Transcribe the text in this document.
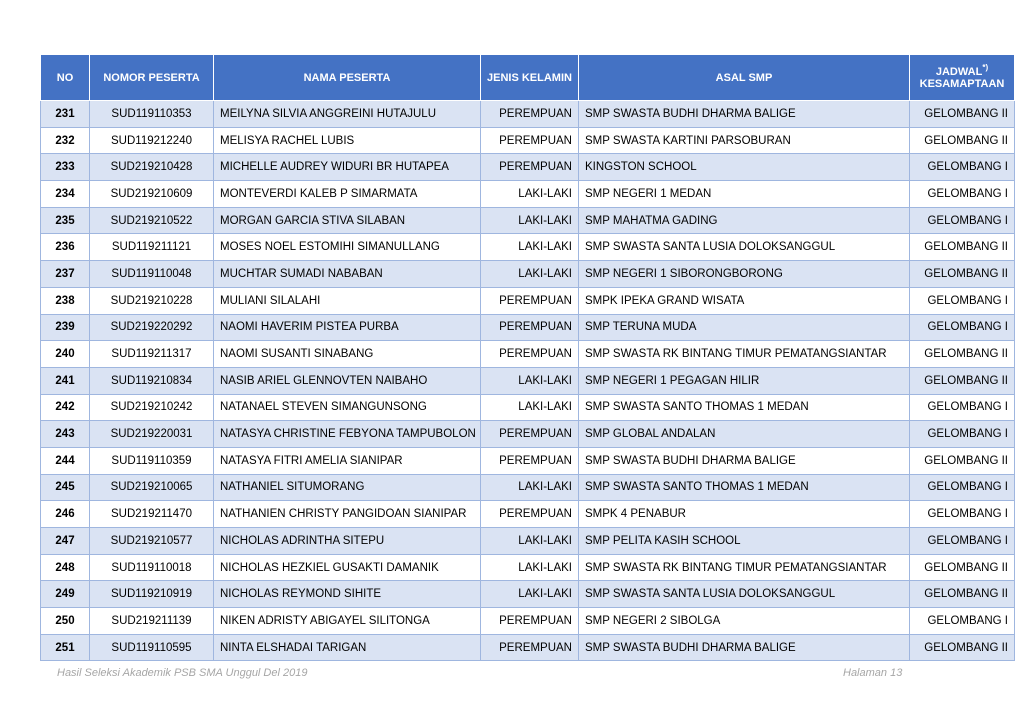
NO	NOMOR PESERTA	NAMA PESERTA	JENIS KELAMIN	ASAL SMP	JADWAL*)
KESAMAPTAAN
231	SUD119110353	MEILYNA SILVIA ANGGREINI HUTAJULU	PEREMPUAN	SMP SWASTA BUDHI DHARMA BALIGE	GELOMBANG II
232	SUD119212240	MELISYA RACHEL LUBIS	PEREMPUAN	SMP SWASTA KARTINI PARSOBURAN	GELOMBANG II
233	SUD219210428	MICHELLE AUDREY WIDURI BR HUTAPEA	PEREMPUAN	KINGSTON SCHOOL	GELOMBANG I
234	SUD219210609	MONTEVERDI KALEB P SIMARMATA	LAKI-LAKI	SMP NEGERI 1 MEDAN	GELOMBANG I
235	SUD219210522	MORGAN GARCIA STIVA SILABAN	LAKI-LAKI	SMP MAHATMA GADING	GELOMBANG I
236	SUD119211121	MOSES NOEL ESTOMIHI SIMANULLANG	LAKI-LAKI	SMP SWASTA SANTA LUSIA DOLOKSANGGUL	GELOMBANG II
237	SUD119110048	MUCHTAR SUMADI NABABAN	LAKI-LAKI	SMP NEGERI 1 SIBORONGBORONG	GELOMBANG II
238	SUD219210228	MULIANI SILALAHI	PEREMPUAN	SMPK IPEKA GRAND WISATA	GELOMBANG I
239	SUD219220292	NAOMI HAVERIM PISTEA PURBA	PEREMPUAN	SMP TERUNA MUDA	GELOMBANG I
240	SUD119211317	NAOMI SUSANTI SINABANG	PEREMPUAN	SMP SWASTA RK BINTANG TIMUR PEMATANGSIANTAR	GELOMBANG II
241	SUD119210834	NASIB ARIEL GLENNOVTEN NAIBAHO	LAKI-LAKI	SMP NEGERI 1 PEGAGAN HILIR	GELOMBANG II
242	SUD219210242	NATANAEL STEVEN SIMANGUNSONG	LAKI-LAKI	SMP SWASTA SANTO THOMAS 1 MEDAN	GELOMBANG I
243	SUD219220031	NATASYA CHRISTINE FEBYONA TAMPUBOLON	PEREMPUAN	SMP GLOBAL ANDALAN	GELOMBANG I
244	SUD119110359	NATASYA FITRI AMELIA SIANIPAR	PEREMPUAN	SMP SWASTA BUDHI DHARMA BALIGE	GELOMBANG II
245	SUD219210065	NATHANIEL SITUMORANG	LAKI-LAKI	SMP SWASTA SANTO THOMAS 1 MEDAN	GELOMBANG I
246	SUD219211470	NATHANIEN CHRISTY PANGIDOAN SIANIPAR	PEREMPUAN	SMPK 4 PENABUR	GELOMBANG I
247	SUD219210577	NICHOLAS ADRINTHA SITEPU	LAKI-LAKI	SMP PELITA KASIH SCHOOL	GELOMBANG I
248	SUD119110018	NICHOLAS HEZKIEL GUSAKTI DAMANIK	LAKI-LAKI	SMP SWASTA RK BINTANG TIMUR PEMATANGSIANTAR	GELOMBANG II
249	SUD119210919	NICHOLAS REYMOND SIHITE	LAKI-LAKI	SMP SWASTA SANTA LUSIA DOLOKSANGGUL	GELOMBANG II
250	SUD219211139	NIKEN ADRISTY ABIGAYEL SILITONGA	PEREMPUAN	SMP NEGERI 2 SIBOLGA	GELOMBANG I
251	SUD119110595	NINTA ELSHADAI TARIGAN	PEREMPUAN	SMP SWASTA BUDHI DHARMA BALIGE	GELOMBANG II
Hasil Seleksi Akademik PSB SMA Unggul Del 2019	Halaman 13
